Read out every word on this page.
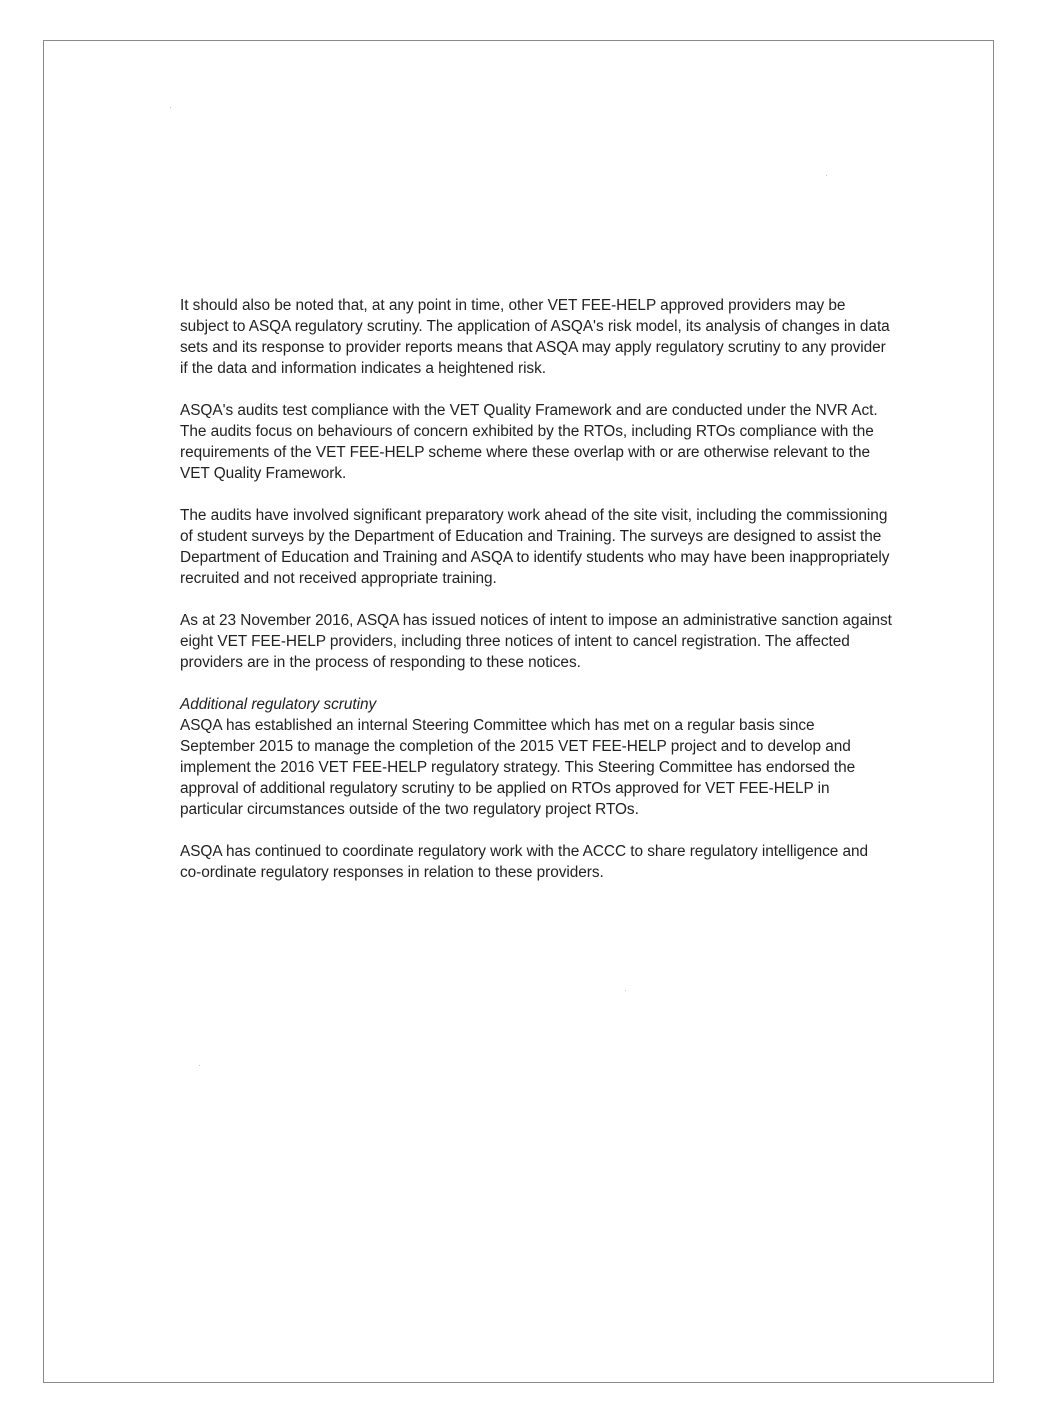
It should also be noted that, at any point in time, other VET FEE-HELP approved providers may be subject to ASQA regulatory scrutiny. The application of ASQA's risk model, its analysis of changes in data sets and its response to provider reports means that ASQA may apply regulatory scrutiny to any provider if the data and information indicates a heightened risk.

ASQA's audits test compliance with the VET Quality Framework and are conducted under the NVR Act. The audits focus on behaviours of concern exhibited by the RTOs, including RTOs compliance with the requirements of the VET FEE-HELP scheme where these overlap with or are otherwise relevant to the VET Quality Framework.

The audits have involved significant preparatory work ahead of the site visit, including the commissioning of student surveys by the Department of Education and Training. The surveys are designed to assist the Department of Education and Training and ASQA to identify students who may have been inappropriately recruited and not received appropriate training.

As at 23 November 2016, ASQA has issued notices of intent to impose an administrative sanction against eight VET FEE-HELP providers, including three notices of intent to cancel registration. The affected providers are in the process of responding to these notices.

Additional regulatory scrutiny

ASQA has established an internal Steering Committee which has met on a regular basis since September 2015 to manage the completion of the 2015 VET FEE-HELP project and to develop and implement the 2016 VET FEE-HELP regulatory strategy. This Steering Committee has endorsed the approval of additional regulatory scrutiny to be applied on RTOs approved for VET FEE-HELP in particular circumstances outside of the two regulatory project RTOs.

ASQA has continued to coordinate regulatory work with the ACCC to share regulatory intelligence and co-ordinate regulatory responses in relation to these providers.
